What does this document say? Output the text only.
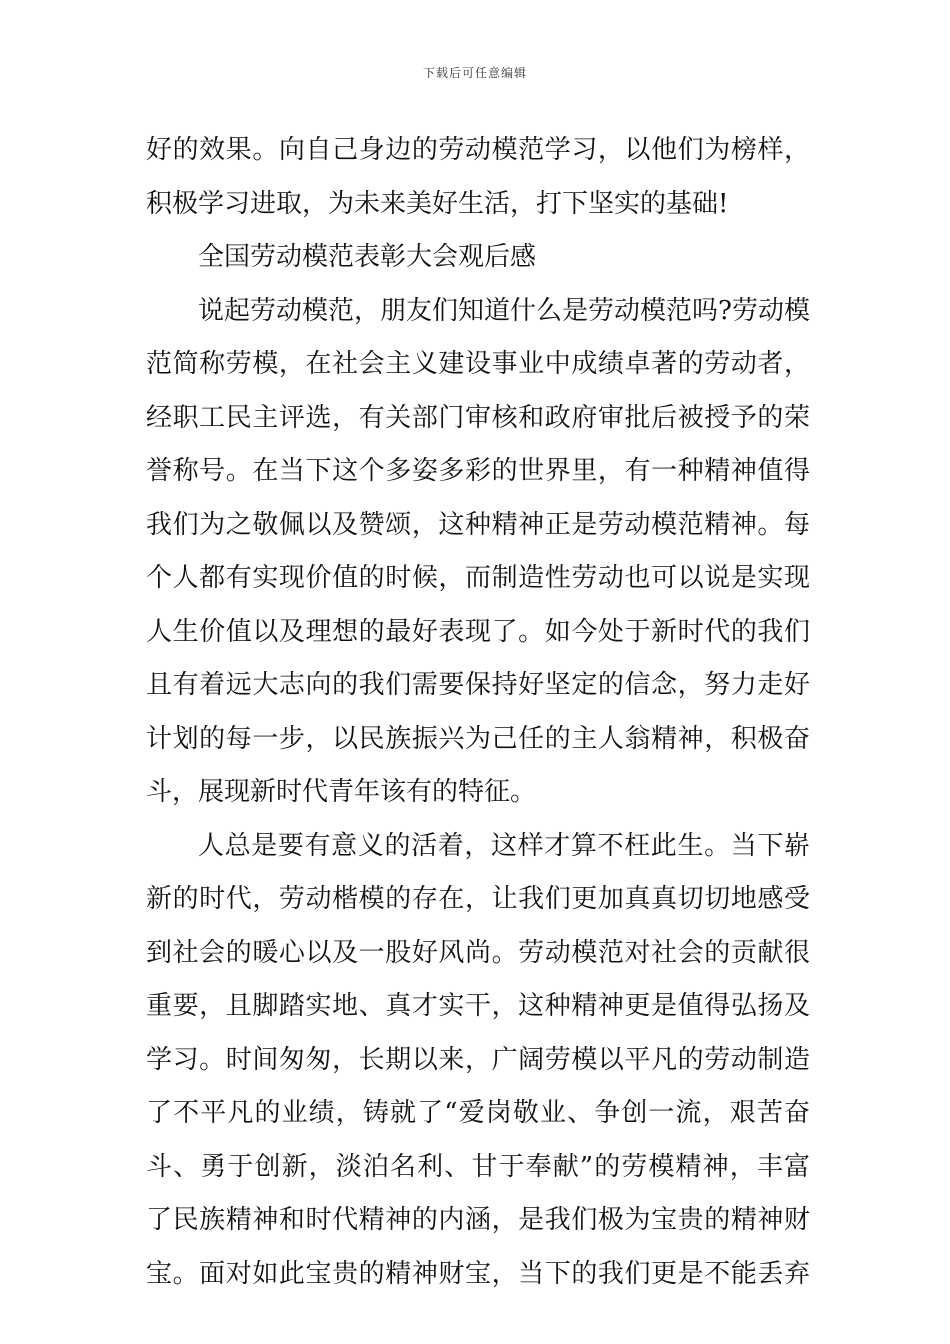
下载后可任意编辑
好的效果。向自己身边的劳动模范学习，以他们为榜样，
积极学习进取，为未来美好生活，打下坚实的基础!
全国劳动模范表彰大会观后感
说起劳动模范，朋友们知道什么是劳动模范吗?劳动模
范简称劳模，在社会主义建设事业中成绩卓著的劳动者，
经职工民主评选，有关部门审核和政府审批后被授予的荣
誉称号。在当下这个多姿多彩的世界里，有一种精神值得
我们为之敬佩以及赞颂，这种精神正是劳动模范精神。每
个人都有实现价值的时候，而制造性劳动也可以说是实现
人生价值以及理想的最好表现了。如今处于新时代的我们
且有着远大志向的我们需要保持好坚定的信念，努力走好
计划的每一步，以民族振兴为己任的主人翁精神，积极奋
斗，展现新时代青年该有的特征。
人总是要有意义的活着，这样才算不枉此生。当下崭
新的时代，劳动楷模的存在，让我们更加真真切切地感受
到社会的暖心以及一股好风尚。劳动模范对社会的贡献很
重要，且脚踏实地、真才实干，这种精神更是值得弘扬及
学习。时间匆匆，长期以来，广阔劳模以平凡的劳动制造
了不平凡的业绩，铸就了“爱岗敬业、争创一流，艰苦奋
斗、勇于创新，淡泊名利、甘于奉献”的劳模精神，丰富
了民族精神和时代精神的内涵，是我们极为宝贵的精神财
宝。面对如此宝贵的精神财宝，当下的我们更是不能丢弃
